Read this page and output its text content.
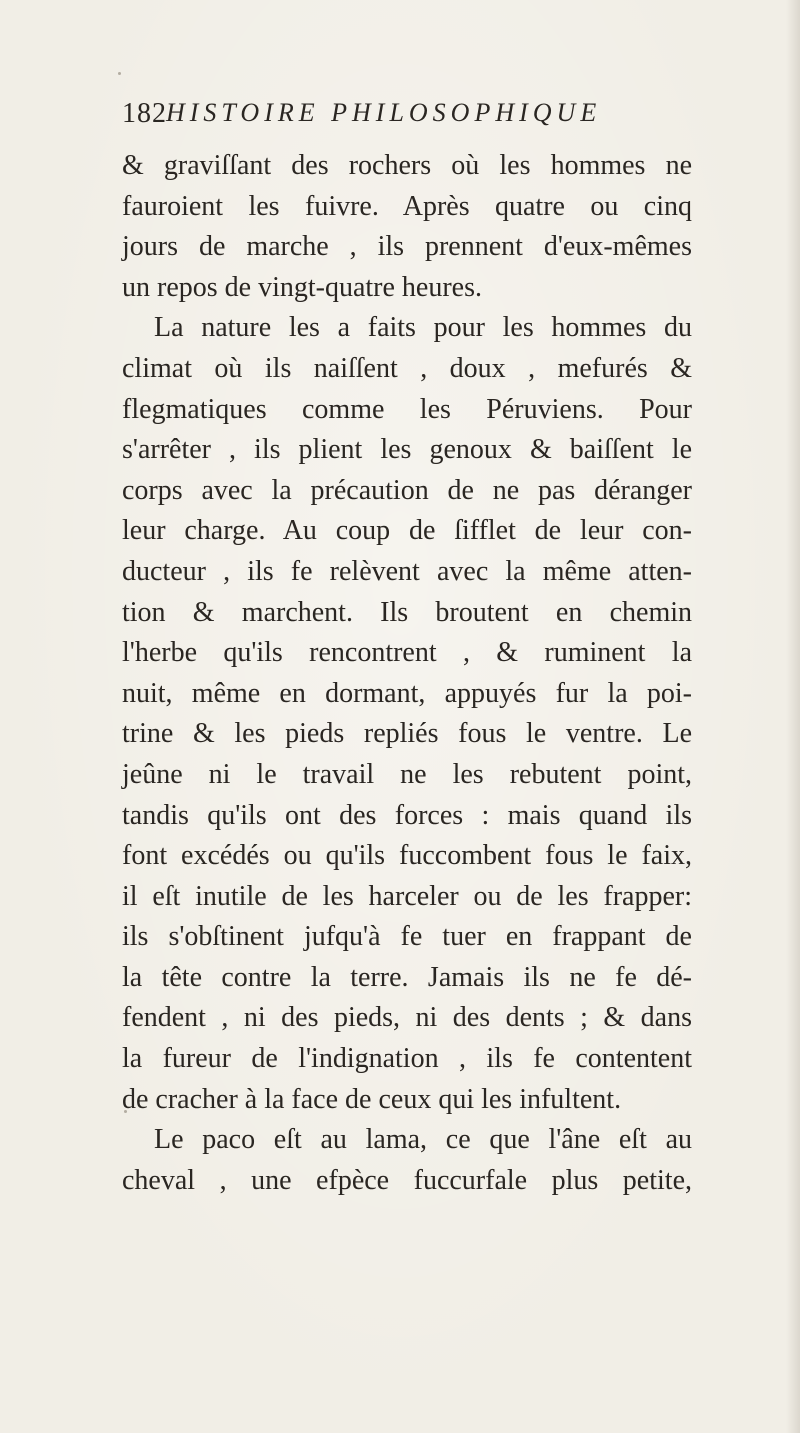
182 HISTOIRE PHILOSOPHIQUE
& graviſſant des rochers où les hommes ne
fauroient les fuivre. Après quatre ou cinq
jours de marche , ils prennent d'eux-mêmes
un repos de vingt-quatre heures.
La nature les a faits pour les hommes du
climat où ils naiſſent , doux , mefurés &
flegmatiques comme les Péruviens. Pour
s'arrêter , ils plient les genoux & baiſſent le
corps avec la précaution de ne pas déranger
leur charge. Au coup de ſifflet de leur con-
ducteur , ils fe relèvent avec la même atten-
tion & marchent. Ils broutent en chemin
l'herbe qu'ils rencontrent , & ruminent la
nuit, même en dormant, appuyés fur la poi-
trine & les pieds repliés fous le ventre. Le
jeûne ni le travail ne les rebutent point,
tandis qu'ils ont des forces : mais quand ils
font excédés ou qu'ils fuccombent fous le faix,
il eſt inutile de les harceler ou de les frapper:
ils s'obſtinent jufqu'à fe tuer en frappant de
la tête contre la terre. Jamais ils ne fe dé-
fendent , ni des pieds, ni des dents ; & dans
la fureur de l'indignation , ils fe contentent
de cracher à la face de ceux qui les infultent.
Le paco eſt au lama, ce que l'âne eſt au
cheval , une efpèce fuccurfale plus petite,
